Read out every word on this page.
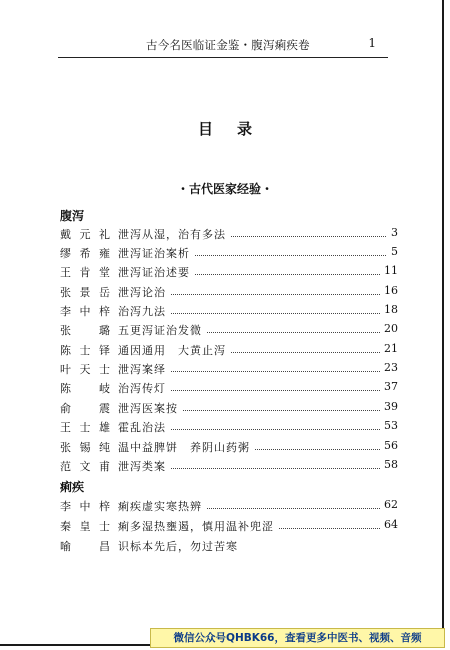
古今名医临证金鉴・腹泻痢疾卷	1
目录
・古代医家经验・
腹泻
戴元礼 泄泻从湿，治有多法	3
缪希雍 泄泻证治案析	5
王肯堂 泄泻证治述要	11
张景岳 泄泻论治	16
李中梓 治泻九法	18
张璐 五更泻证治发微	20
陈士铎 通因通用　大黄止泻	21
叶天士 泄泻案绎	23
陈岐 治泻传灯	37
俞震 泄泻医案按	39
王士雄 霍乱治法	53
张锡纯 温中益脾饼　养阴山药粥	56
范文甫 泄泻类案	58
痢疾
李中梓 痢疾虚实寒热辨	62
秦皇士 痢多湿热壅遏，慎用温补兜涩	64
喻昌 识标本先后，勿过苦寒
微信公众号QHBK66，查看更多中医书、视频、音频
